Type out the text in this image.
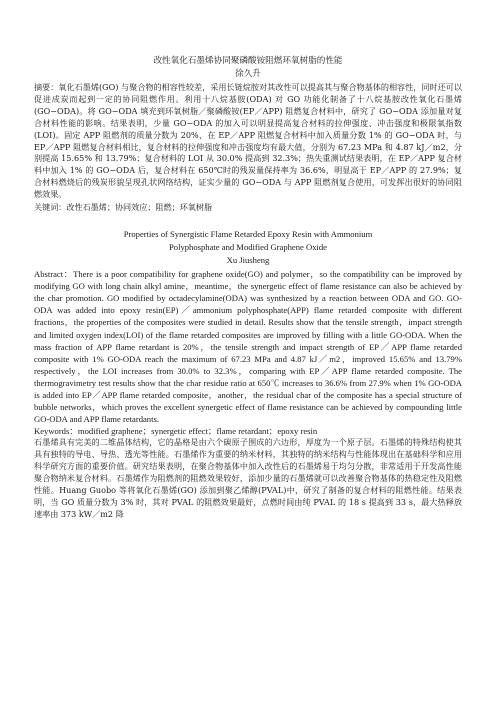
改性氧化石墨烯协同聚磷酸铵阻燃环氧树脂的性能
徐久升

摘要：氧化石墨烯(GO) 与聚合物的相容性较差，采用长链烷胺对其改性可以提高其与聚合物基体的相容性，同时还可以促进成炭而起到一定的协同阻燃作用。利用十八烷基胺(ODA) 对 GO 功能化制备了十八烷基胺改性氧化石墨烯(GO−ODA)。将 GO−ODA 填充到环氧树脂／聚磷酸铵(EP／APP) 阻燃复合材料中，研究了 GO−ODA 添加量对复合材料性能的影响。结果表明，少量 GO−ODA 的加入可以明显提高复合材料的拉伸强度、冲击强度和极限氧指数(LOI)。固定 APP 阻燃剂的质量分数为 20%，在 EP／APP 阻燃复合材料中加入质量分数 1% 的 GO−ODA 时，与 EP／APP 阻燃复合材料相比，复合材料的拉伸强度和冲击强度均有最大值，分别为 67.23 MPa 和 4.87 kJ／m2，分别提高 15.65% 和 13.79%；复合材料的 LOI 从 30.0% 提高到 32.3%；热失重测试结果表明，在 EP／APP 复合材料中加入 1% 的 GO−ODA 后，复合材料在 650℃时的残炭量保持率为 36.6%，明显高于 EP／APP 的 27.9%；复合材料燃烧后的残炭形貌呈现孔状网络结构，证实少量的 GO−ODA 与 APP 阻燃剂复合使用，可发挥出很好的协同阻燃效果。

关键词：改性石墨烯；协同效应；阻燃；环氧树脂

Properties of Synergistic Flame Retarded Epoxy Resin with Ammonium
Polyphosphate and Modified Graphene Oxide
Xu Jiusheng

Abstract：There is a poor compatibility for graphene oxide(GO) and polymer，so the compatibility can be improved by modifying GO with long chain alkyl amine，meantime，the synergetic effect of flame resistance can also be achieved by the char promotion. GO modified by octadecylamine(ODA) was synthesized by a reaction between ODA and GO. GO-ODA was added into epoxy resin(EP)／ammonium polyphosphate(APP) flame retarded composite with different fractions，the properties of the composites were studied in detail. Results show that the tensile strength，impact strength and limited oxygen index(LOI) of the flame retarded composites are improved by filling with a little GO-ODA. When the mass fraction of APP flame retardant is 20%，the tensile strength and impact strength of EP／APP flame retarded composite with 1% GO-ODA reach the maximum of 67.23 MPa and 4.87 kJ／m2，improved 15.65% and 13.79% respectively，the LOI increases from 30.0% to 32.3%，comparing with EP／APP flame retarded composite. The thermogravimetry test results show that the char residue ratio at 650℃ increases to 36.6% from 27.9% when 1% GO-ODA is added into EP／APP flame retarded composite，another，the residual char of the composite has a special structure of bubble networks，which proves the excellent synergetic effect of flame resistance can be achieved by compounding little GO-ODA and APP flame retardants.

Keywords：modified graphene；synergetic effect；flame retardant；epoxy resin

石墨烯具有完美的二维晶体结构，它的晶格是由六个碳原子围成的六边形，厚度为一个原子层。石墨烯的特殊结构使其具有独特的导电、导热、透光等性能。石墨烯作为重要的纳米材料，其独特的纳米结构与性能体现出在基础科学和应用科学研究方面的重要价值。研究结果表明，在聚合物基体中加入改性后的石墨烯易于均匀分散，非常适用于开发高性能聚合物纳米复合材料。石墨烯作为阻燃剂的阻燃效果较好，添加少量的石墨烯就可以改善聚合物基体的热稳定性及阻燃性能。Huang Guobo 等将氧化石墨烯(GO) 添加到聚乙烯醇(PVAL)中，研究了制备的复合材料的阻燃性能。结果表明，当 GO 质量分数为 3% 时，其对 PVAL 的阻燃效果最好，点燃时间由纯 PVAL 的 18 s 提高到 33 s，最大热释放速率由 373 kW／m2 降
